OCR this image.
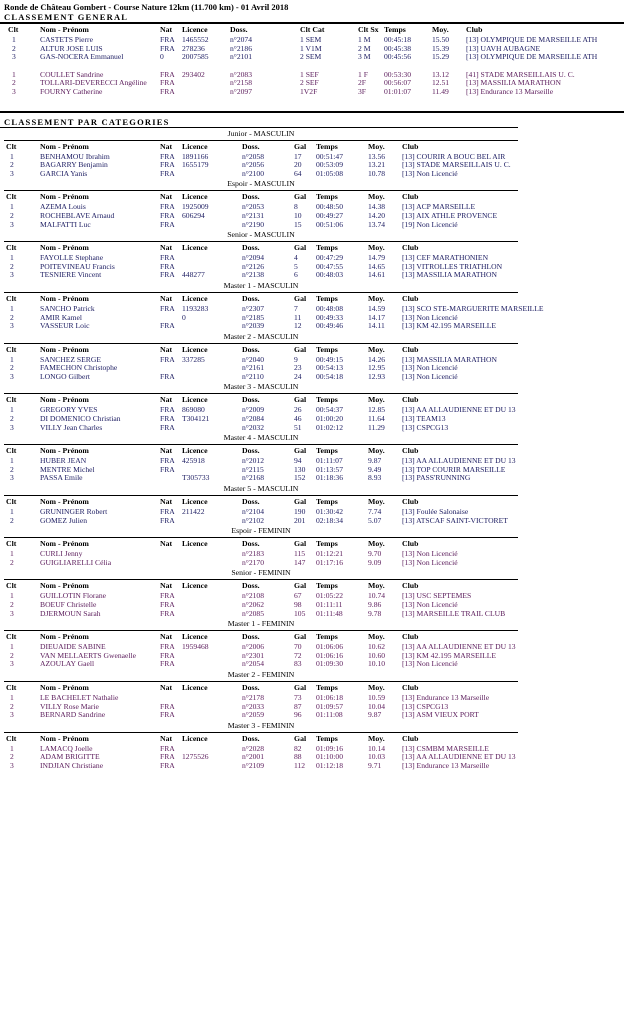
Ronde de Château Gombert - Course Nature 12km (11.700 km) - 01 Avril 2018
CLASSEMENT GENERAL
Clt	Nom - Prénom	Nat	Licence	Doss.	Clt Cat	Clt Sx	Temps	Moy.	Club
1	CASTETS Pierre	FRA	1465552	n°2074	1 SEM	1 M	00:45:18	15.50	[13] OLYMPIQUE DE MARSEILLE ATH
2	ALTUR JOSE LUIS	FRA	278236	n°2186	1 V1M	2 M	00:45:38	15.39	[13] UAVH AUBAGNE
3	GAS-NOCERA Emmanuel	0	2007585	n°2101	2 SEM	3 M	00:45:56	15.29	[13] OLYMPIQUE DE MARSEILLE ATH

1	COULLET Sandrine	FRA	293402	n°2083	1 SEF	1 F	00:53:30	13.12	[41] STADE MARSEILLAIS U. C.
2	TOLLARI-DEVERECCI Angéline	FRA		n°2158	2 SEF	2F	00:56:07	12.51	[13] MASSILIA MARATHON
3	FOURNY Catherine	FRA		n°2097	1V2F	3F	01:01:07	11.49	[13] Endurance 13 Marseille
CLASSEMENT PAR CATEGORIES
Junior - MASCULIN
Clt	Nom - Prénom	Nat	Licence	Doss.	Gal	Temps	Moy.	Club
1	BENHAMOU Ibrahim	FRA	1891166	n°2058	17	00:51:47	13.56	[13] COURIR A BOUC BEL AIR
2	BAGARRY Benjamin	FRA	1655179	n°2056	20	00:53:09	13.21	[13] STADE MARSEILLAIS U. C.
3	GARCIA Yanis	FRA		n°2100	64	01:05:08	10.78	[13] Non Licencié
Espoir - MASCULIN
Clt	Nom - Prénom	Nat	Licence	Doss.	Gal	Temps	Moy.	Club
1	AZEMA Louis	FRA	1925009	n°2053	8	00:48:50	14.38	[13] ACP MARSEILLE
2	ROCHEBLAVE Arnaud	FRA	606294	n°2131	10	00:49:27	14.20	[13] AIX ATHLE PROVENCE
3	MALFATTI Luc	FRA		n°2190	15	00:51:06	13.74	[19] Non Licencié
Senior - MASCULIN
Clt	Nom - Prénom	Nat	Licence	Doss.	Gal	Temps	Moy.	Club
1	FAYOLLE Stephane	FRA		n°2094	4	00:47:29	14.79	[13] CEF MARATHONIEN
2	POITEVINEAU Francis	FRA		n°2126	5	00:47:55	14.65	[13] VITROLLES TRIATHLON
3	TESNIERE Vincent	FRA	448277	n°2138	6	00:48:03	14.61	[13] MASSILIA MARATHON
Master 1 - MASCULIN
Clt	Nom - Prénom	Nat	Licence	Doss.	Gal	Temps	Moy.	Club
1	SANCHO Patrick	FRA	1193283	n°2307	7	00:48:08	14.59	[13] SCO STE-MARGUERITE MARSEILLE
2	AMIR Kamel		0	n°2185	11	00:49:33	14.17	[13] Non Licencié
3	VASSEUR Loic	FRA		n°2039	12	00:49:46	14.11	[13] KM 42.195 MARSEILLE
Master 2 - MASCULIN
Clt	Nom - Prénom	Nat	Licence	Doss.	Gal	Temps	Moy.	Club
1	SANCHEZ SERGE	FRA	337285	n°2040	9	00:49:15	14.26	[13] MASSILIA MARATHON
2	FAMECHON Christophe			n°2161	23	00:54:13	12.95	[13] Non Licencié
3	LONGO Gilbert	FRA		n°2110	24	00:54:18	12.93	[13] Non Licencié
Master 3 - MASCULIN
Clt	Nom - Prénom	Nat	Licence	Doss.	Gal	Temps	Moy.	Club
1	GREGORY YVES	FRA	869080	n°2009	26	00:54:37	12.85	[13] AA ALLAUDIENNE ET DU 13
2	DI DOMENICO Christian	FRA	T304121	n°2084	46	01:00:20	11.64	[13] TEAM13
3	VILLY Jean Charles	FRA		n°2032	51	01:02:12	11.29	[13] CSPCG13
Master 4 - MASCULIN
Clt	Nom - Prénom	Nat	Licence	Doss.	Gal	Temps	Moy.	Club
1	HUBER JEAN	FRA	425918	n°2012	94	01:11:07	9.87	[13] AA ALLAUDIENNE ET DU 13
2	MENTRE Michel	FRA		n°2115	130	01:13:57	9.49	[13] TOP COURIR MARSEILLE
3	PASSA Emile		T305733	n°2168	152	01:18:36	8.93	[13] PASS'RUNNING
Master 5 - MASCULIN
Clt	Nom - Prénom	Nat	Licence	Doss.	Gal	Temps	Moy.	Club
1	GRUNINGER Robert	FRA	211422	n°2104	190	01:30:42	7.74	[13] Foulée Salonaise
2	GOMEZ Julien	FRA		n°2102	201	02:18:34	5.07	[13] ATSCAF SAINT-VICTORET
Espoir - FEMININ
Clt	Nom - Prénom	Nat	Licence	Doss.	Gal	Temps	Moy.	Club
1	CURLI Jenny			n°2183	115	01:12:21	9.70	[13] Non Licencié
2	GUIGLIARELLI Célia			n°2170	147	01:17:16	9.09	[13] Non Licencié
Senior - FEMININ
Clt	Nom - Prénom	Nat	Licence	Doss.	Gal	Temps	Moy.	Club
1	GUILLOTIN Florane	FRA		n°2108	67	01:05:22	10.74	[13] USC SEPTEMES
2	BOEUF Christelle	FRA		n°2062	98	01:11:11	9.86	[13] Non Licencié
3	DJERMOUN Sarah	FRA		n°2085	105	01:11:48	9.78	[13] MARSEILLE TRAIL CLUB
Master 1 - FEMININ
Clt	Nom - Prénom	Nat	Licence	Doss.	Gal	Temps	Moy.	Club
1	DIEUAIDE SABINE	FRA	1959468	n°2006	70	01:06:06	10.62	[13] AA ALLAUDIENNE ET DU 13
2	VAN MELLAERTS Gwenaelle	FRA		n°2301	72	01:06:16	10.60	[13] KM 42.195 MARSEILLE
3	AZOULAY Gaell	FRA		n°2054	83	01:09:30	10.10	[13] Non Licencié
Master 2 - FEMININ
Clt	Nom - Prénom	Nat	Licence	Doss.	Gal	Temps	Moy.	Club
1	LE BACHELET Nathalie			n°2178	73	01:06:18	10.59	[13] Endurance 13 Marseille
2	VILLY Rose Marie	FRA		n°2033	87	01:09:57	10.04	[13] CSPCG13
3	BERNARD Sandrine	FRA		n°2059	96	01:11:08	9.87	[13] ASM VIEUX PORT
Master 3 - FEMININ
Clt	Nom - Prénom	Nat	Licence	Doss.	Gal	Temps	Moy.	Club
1	LAMACQ Joelle	FRA		n°2028	82	01:09:16	10.14	[13] CSMBM MARSEILLE
2	ADAM BRIGITTE	FRA	1275526	n°2001	88	01:10:00	10.03	[13] AA ALLAUDIENNE ET DU 13
3	INDJIAN Christiane	FRA		n°2109	112	01:12:18	9.71	[13] Endurance 13 Marseille
